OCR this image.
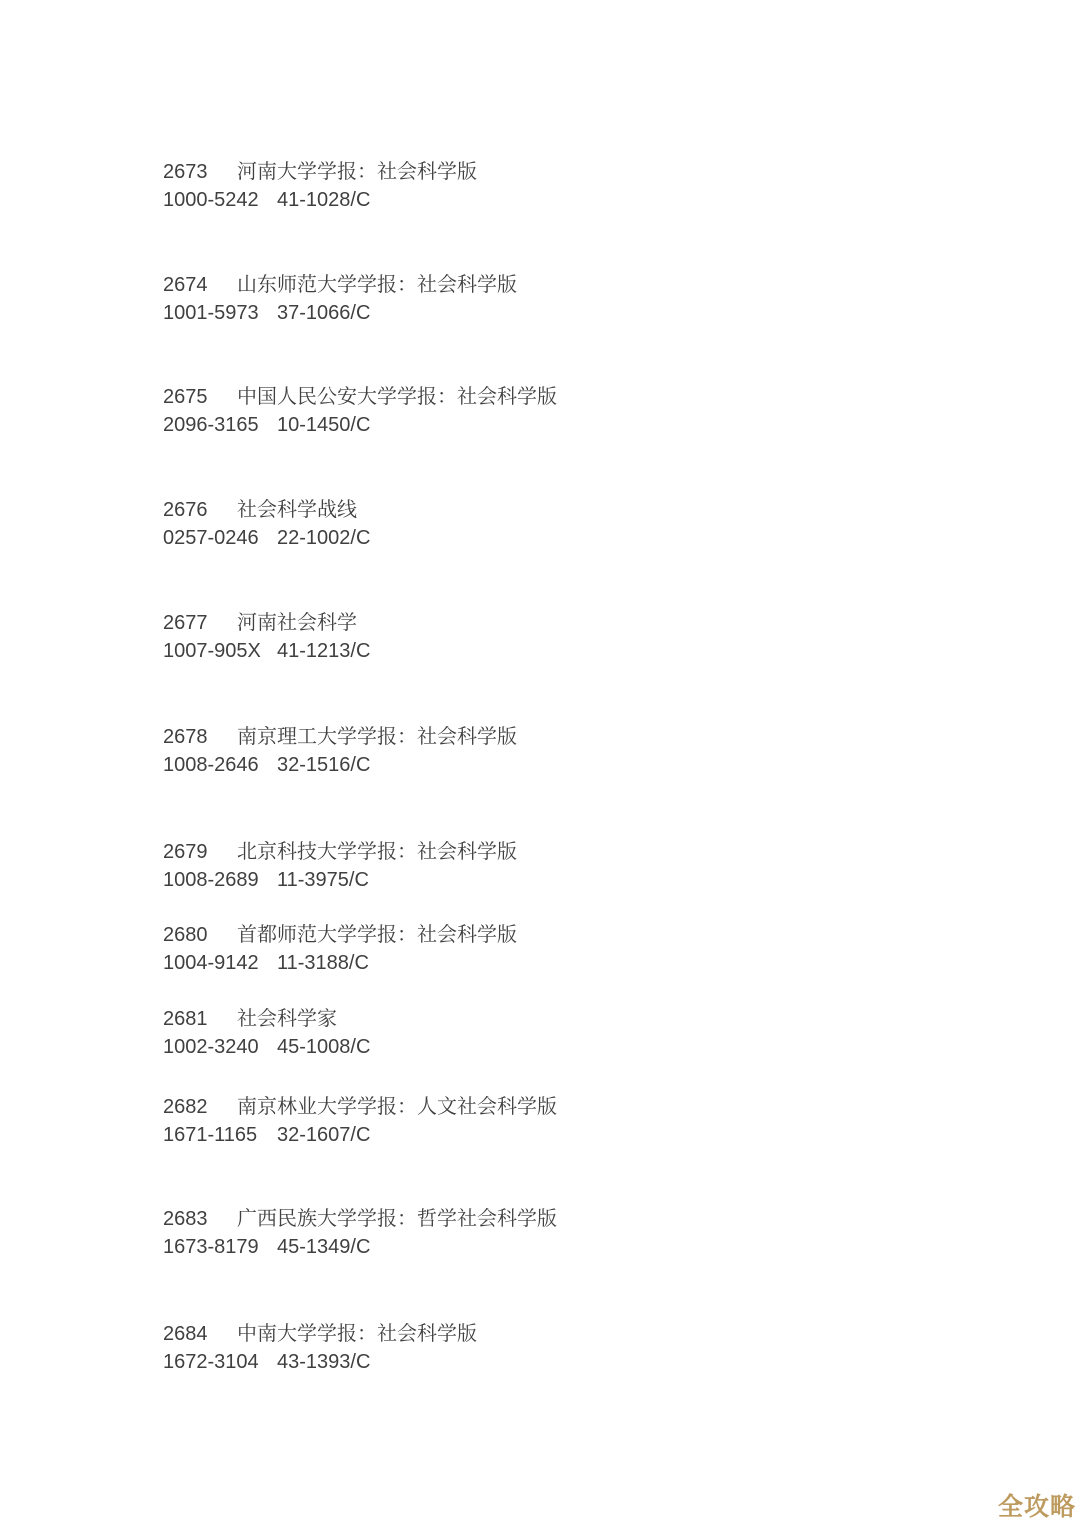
2673 河南大学学报：社会科学版
1000-5242 41-1028/C
2674 山东师范大学学报：社会科学版
1001-5973 37-1066/C
2675 中国人民公安大学学报：社会科学版
2096-3165 10-1450/C
2676 社会科学战线
0257-0246 22-1002/C
2677 河南社会科学
1007-905X 41-1213/C
2678 南京理工大学学报：社会科学版
1008-2646 32-1516/C
2679 北京科技大学学报：社会科学版
1008-2689 11-3975/C
2680 首都师范大学学报：社会科学版
1004-9142 11-3188/C
2681 社会科学家
1002-3240 45-1008/C
2682 南京林业大学学报：人文社会科学版
1671-1165 32-1607/C
2683 广西民族大学学报：哲学社会科学版
1673-8179 45-1349/C
2684 中南大学学报：社会科学版
1672-3104 43-1393/C
全攻略
